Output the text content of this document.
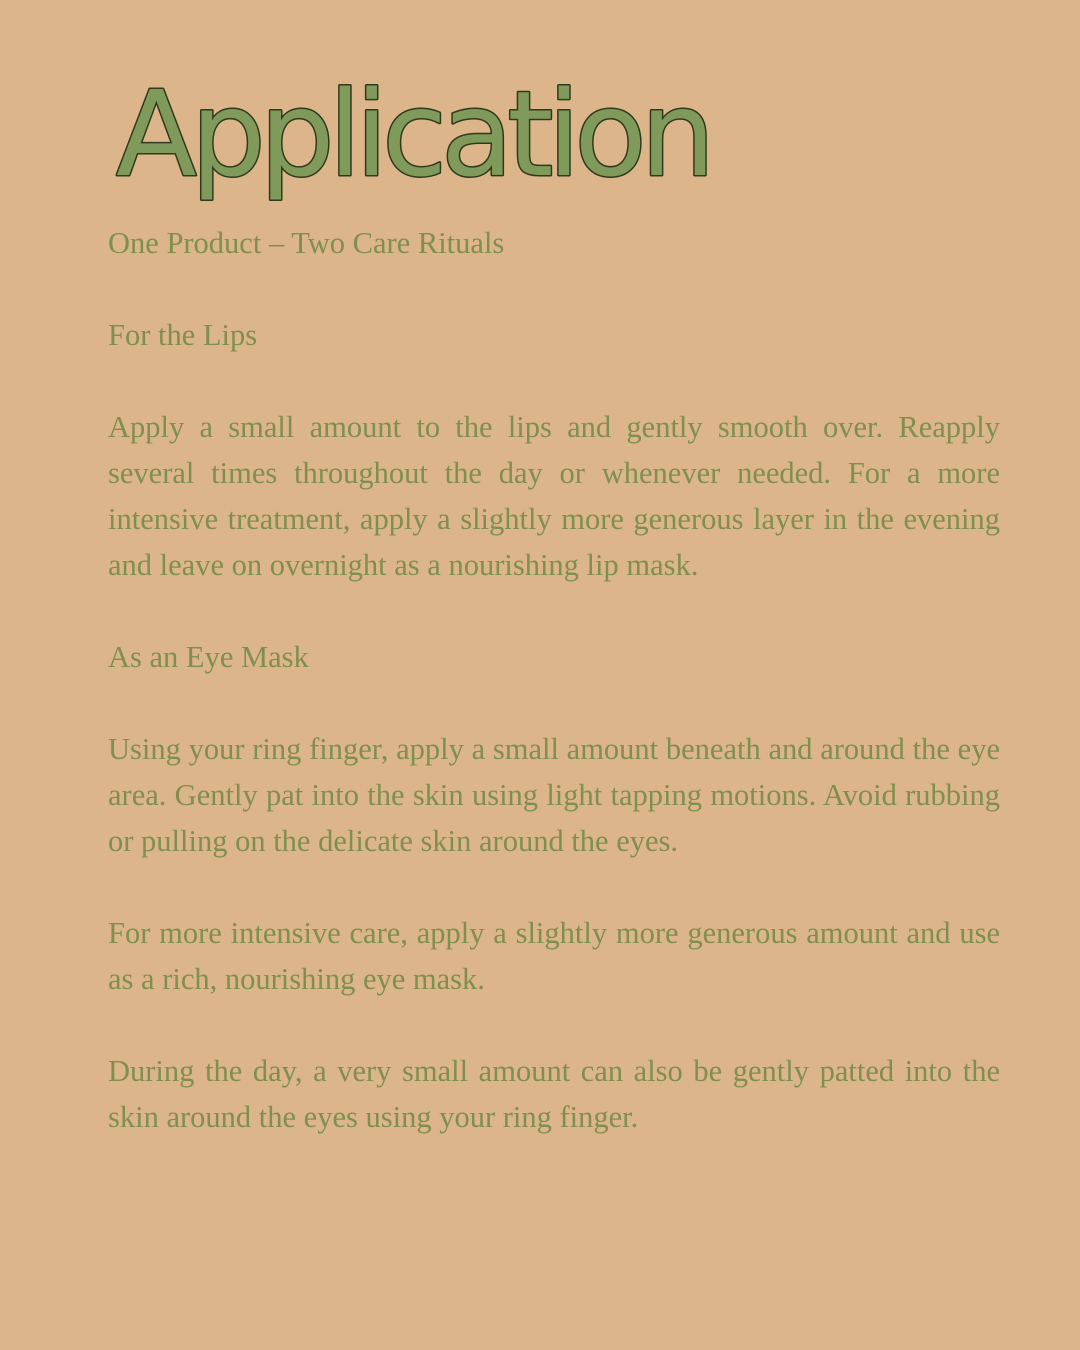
Application

One Product – Two Care Rituals

For the Lips

Apply a small amount to the lips and gently smooth over. Reapply several times throughout the day or whenever needed. For a more intensive treatment, apply a slightly more generous layer in the evening and leave on overnight as a nourishing lip mask.

As an Eye Mask

Using your ring finger, apply a small amount beneath and around the eye area. Gently pat into the skin using light tapping motions. Avoid rubbing or pulling on the delicate skin around the eyes.

For more intensive care, apply a slightly more generous amount and use as a rich, nourishing eye mask.

During the day, a very small amount can also be gently patted into the skin around the eyes using your ring finger.
